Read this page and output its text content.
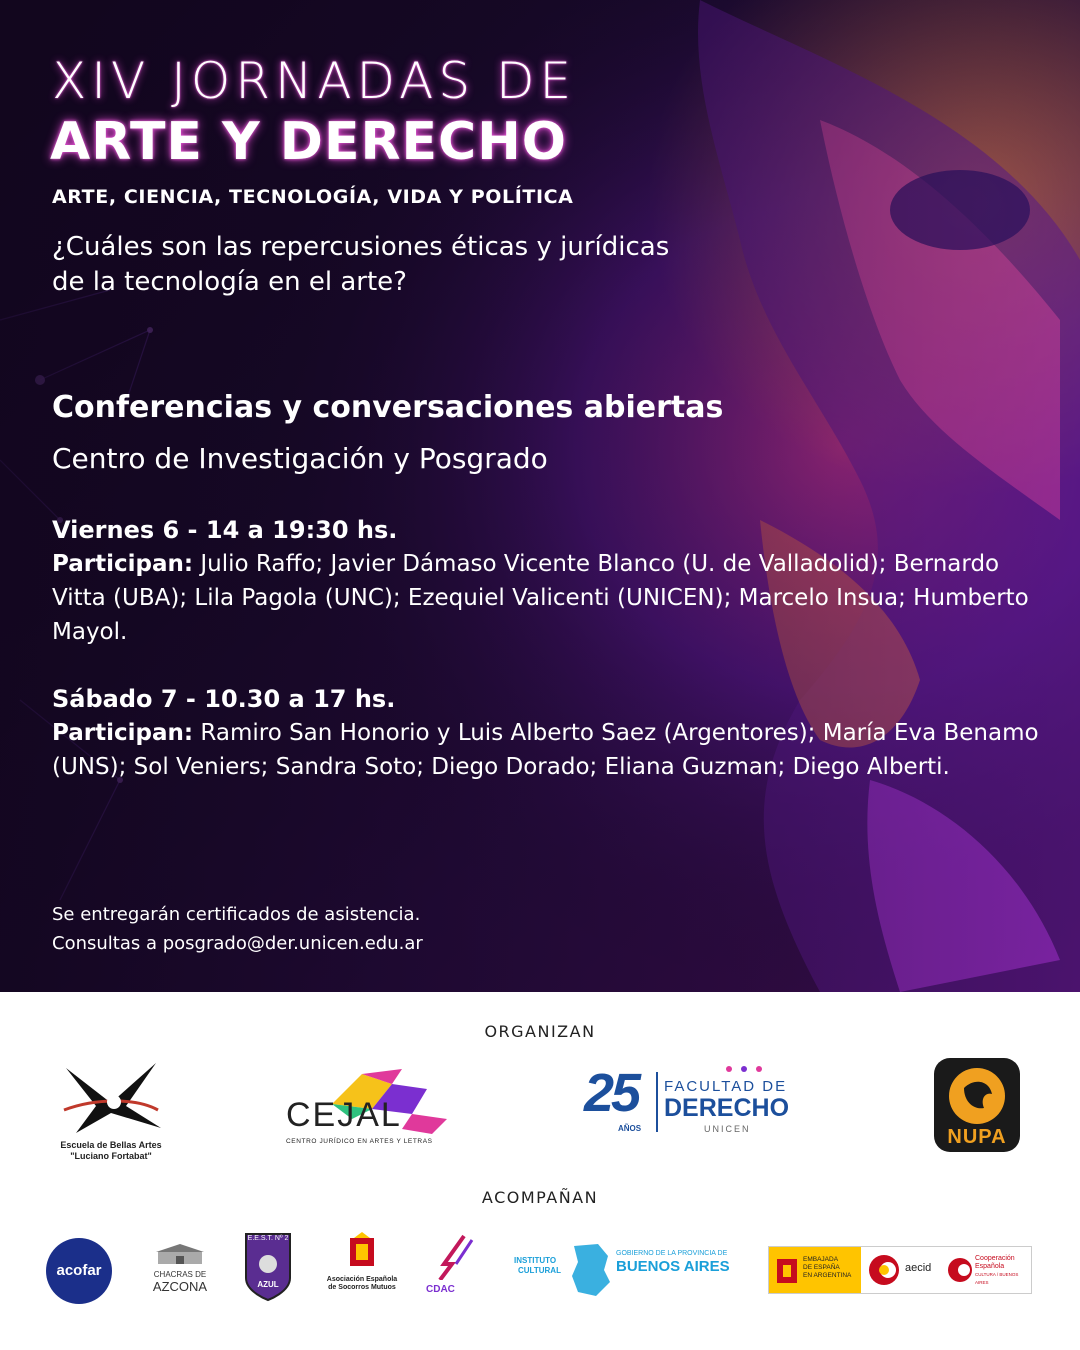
XIV JORNADAS DE
ARTE Y DERECHO
ARTE, CIENCIA, TECNOLOGÍA, VIDA Y POLÍTICA
¿Cuáles son las repercusiones éticas y jurídicas de la tecnología en el arte?
Conferencias y conversaciones abiertas
Centro de Investigación y Posgrado
Viernes 6 - 14 a 19:30 hs.
Participan: Julio Raffo; Javier Dámaso Vicente Blanco (U. de Valladolid); Bernardo Vitta (UBA); Lila Pagola (UNC); Ezequiel Valicenti (UNICEN); Marcelo Insua; Humberto Mayol.
Sábado 7 - 10.30 a 17 hs.
Participan: Ramiro San Honorio y Luis Alberto Saez (Argentores); María Eva Benamo (UNS); Sol Veniers; Sandra Soto; Diego Dorado; Eliana Guzman; Diego Alberti.
Se entregarán certificados de asistencia.
Consultas a posgrado@der.unicen.edu.ar
ORGANIZAN
Escuela de Bellas Artes
"Luciano Fortabat"
CEJAL
CENTRO JURÍDICO EN ARTES Y LETRAS
25
AÑOS
FACULTAD DE
DERECHO
UNICEN	NUPA
ACOMPAÑAN
acofar	CHACRAS DE
AZCONA
E.E.S.T. Nº 2
AZUL
Asociación Española
de Socorros Mutuos	CDAC
INSTITUTO
CULTURAL
GOBIERNO DE LA PROVINCIA DE
BUENOS AIRES	EMBAJADA
DE ESPAÑA
EN ARGENTINA
aecid
Cooperación
Española
CULTURA / BUENOS AIRES
